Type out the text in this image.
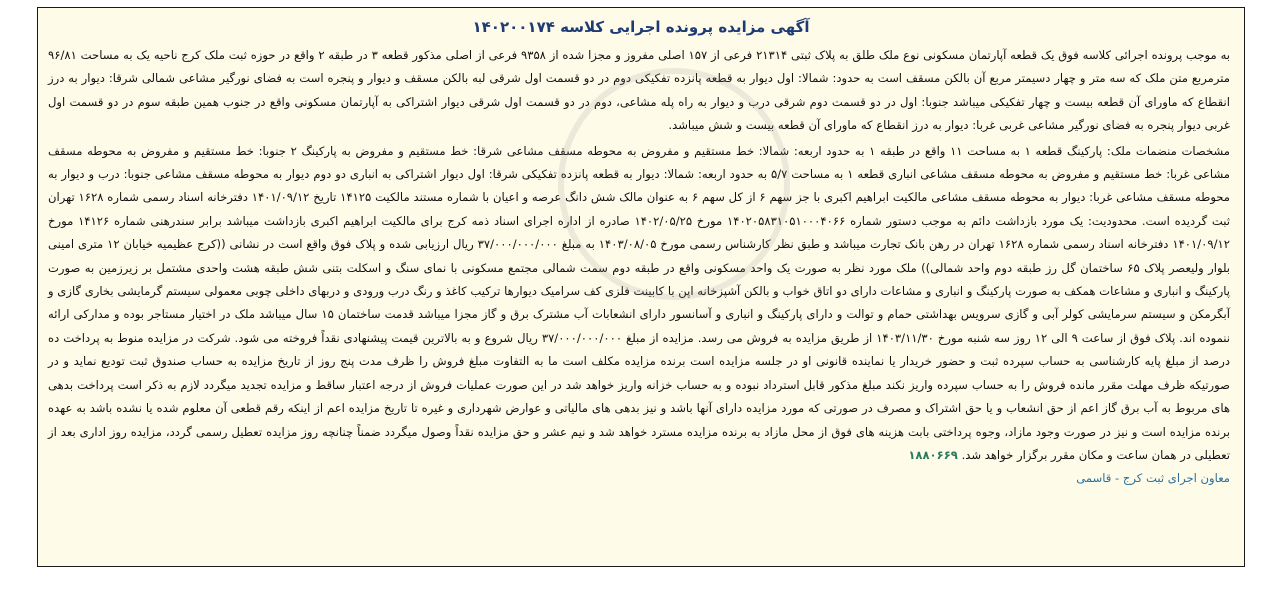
آگهی مزایده پرونده اجرایی کلاسه ۱۴۰۲۰۰۱۷۴

به موجب پرونده اجرائی کلاسه فوق یک قطعه آپارتمان مسکونی نوع ملک طلق به پلاک ثبتی ۲۱۳۱۴ فرعی از ۱۵۷ اصلی مفروز و مجزا شده از ۹۳۵۸ فرعی از اصلی مذکور قطعه ۳ در طبقه ۲ واقع در حوزه ثبت ملک کرج ناحیه یک به مساحت ۹۶/۸۱ مترمربع متن ملک که سه متر و چهار دسیمتر مربع آن بالکن مسقف است به حدود: شمالا: اول دیوار به قطعه پانزده تفکیکی دوم در دو قسمت اول شرقی لبه بالکن مسقف و دیوار و پنجره است به فضای نورگیر مشاعی شمالی شرقا: دیوار به درز انقطاع که ماورای آن قطعه بیست و چهار تفکیکی میباشد جنوبا: اول در دو قسمت دوم شرقی درب و دیوار به راه پله مشاعی، دوم در دو قسمت اول شرقی دیوار اشتراکی به آپارتمان مسکونی واقع در جنوب همین طبقه سوم در دو قسمت اول غربی دیوار پنجره به فضای نورگیر مشاعی غربی غربا: دیوار به درز انقطاع که ماورای آن قطعه بیست و شش میباشد.

مشخصات منضمات ملک: پارکینگ قطعه ۱ به مساحت ۱۱ واقع در طبقه ۱ به حدود اربعه: شمالا: خط مستقیم و مفروض به محوطه مسقف مشاعی شرقا: خط مستقیم و مفروض به پارکینگ ۲ جنوبا: خط مستقیم و مفروض به محوطه مسقف مشاعی غربا: خط مستقیم و مفروض به محوطه مسقف مشاعی انباری قطعه ۱ به مساحت ۵/۷ به حدود اربعه: شمالا: دیوار به قطعه پانزده تفکیکی شرقا: اول دیوار اشتراکی به انباری دو دوم دیوار به محوطه مسقف مشاعی جنوبا: درب و دیوار به محوطه مسقف مشاعی غربا: دیوار به محوطه مسقف مشاعی مالکیت ابراهیم اکبری با جز سهم ۶ از کل سهم ۶ به عنوان مالک شش دانگ عرصه و اعیان با شماره مستند مالکیت ۱۴۱۲۵ تاریخ ۱۴۰۱/۰۹/۱۲ دفترخانه اسناد رسمی شماره ۱۶۲۸ تهران ثبت گردیده است. محدودیت: یک مورد بازداشت دائم به موجب دستور شماره ۱۴۰۲۰۵۸۳۱۰۵۱۰۰۰۴۰۶۶ مورخ ۱۴۰۲/۰۵/۲۵ صادره از اداره اجرای اسناد ذمه کرج برای مالکیت ابراهیم اکبری بازداشت میباشد برابر سندرهنی شماره ۱۴۱۲۶ مورخ ۱۴۰۱/۰۹/۱۲ دفترخانه اسناد رسمی شماره ۱۶۲۸ تهران در رهن بانک تجارت میباشد و طبق نظر کارشناس رسمی مورخ ۱۴۰۳/۰۸/۰۵ به مبلغ ۳۷/۰۰۰/۰۰۰/۰۰۰ ریال ارزیابی شده و پلاک فوق واقع است در نشانی ((کرج عظیمیه خیابان ۱۲ متری امینی بلوار ولیعصر پلاک ۶۵ ساختمان گل رز طبقه دوم واحد شمالی)) ملک مورد نظر به صورت یک واحد مسکونی واقع در طبقه دوم سمت شمالی مجتمع مسکونی با نمای سنگ و اسکلت بتنی شش طبقه هشت واحدی مشتمل بر زیرزمین به صورت پارکینگ و انباری و مشاعات همکف به صورت پارکینگ و انباری و مشاعات دارای دو اتاق خواب و بالکن آشپزخانه اپن با کابینت فلزی کف سرامیک دیوارها ترکیب کاغذ و رنگ درب ورودی و دربهای داخلی چوبی معمولی سیستم گرمایشی بخاری گازی و آبگرمکن و سیستم سرمایشی کولر آبی و گازی سرویس بهداشتی حمام و توالت و دارای پارکینگ و انباری و آسانسور دارای انشعابات آب مشترک برق و گاز مجزا میباشد قدمت ساختمان ۱۵ سال میباشد ملک در اختیار مستاجر بوده و مدارکی ارائه ننموده اند. پلاک فوق از ساعت ۹ الی ۱۲ روز سه شنبه مورخ ۱۴۰۳/۱۱/۳۰ از طریق مزایده به فروش می رسد. مزایده از مبلغ ۳۷/۰۰۰/۰۰۰/۰۰۰ ریال شروع و به بالاترین قیمت پیشنهادی نقداً فروخته می شود. شرکت در مزایده منوط به پرداخت ده درصد از مبلغ پایه کارشناسی به حساب سپرده ثبت و حضور خریدار یا نماینده قانونی او در جلسه مزایده است برنده مزایده مکلف است ما به التفاوت مبلغ فروش را ظرف مدت پنج روز از تاریخ مزایده به حساب صندوق ثبت تودیع نماید و در صورتیکه ظرف مهلت مقرر مانده فروش را به حساب سپرده واریز نکند مبلغ مذکور قابل استرداد نبوده و به حساب خزانه واریز خواهد شد در این صورت عملیات فروش از درجه اعتبار ساقط و مزایده تجدید میگردد لازم به ذکر است پرداخت بدهی های مربوط به آب برق گاز اعم از حق انشعاب و یا حق اشتراک و مصرف در صورتی که مورد مزایده دارای آنها باشد و نیز بدهی های مالیاتی و عوارض شهرداری و غیره تا تاریخ مزایده اعم از اینکه رقم قطعی آن معلوم شده یا نشده باشد به عهده برنده مزایده است و نیز در صورت وجود مازاد، وجوه پرداختی بابت هزینه های فوق از محل مازاد به برنده مزایده مسترد خواهد شد و نیم عشر و حق مزایده نقداً وصول میگردد ضمناً چنانچه روز مزایده تعطیل رسمی گردد، مزایده روز اداری بعد از تعطیلی در همان ساعت و مکان مقرر برگزار خواهد شد. ۱۸۸۰۶۶۹

معاون اجرای ثبت کرج - قاسمی
